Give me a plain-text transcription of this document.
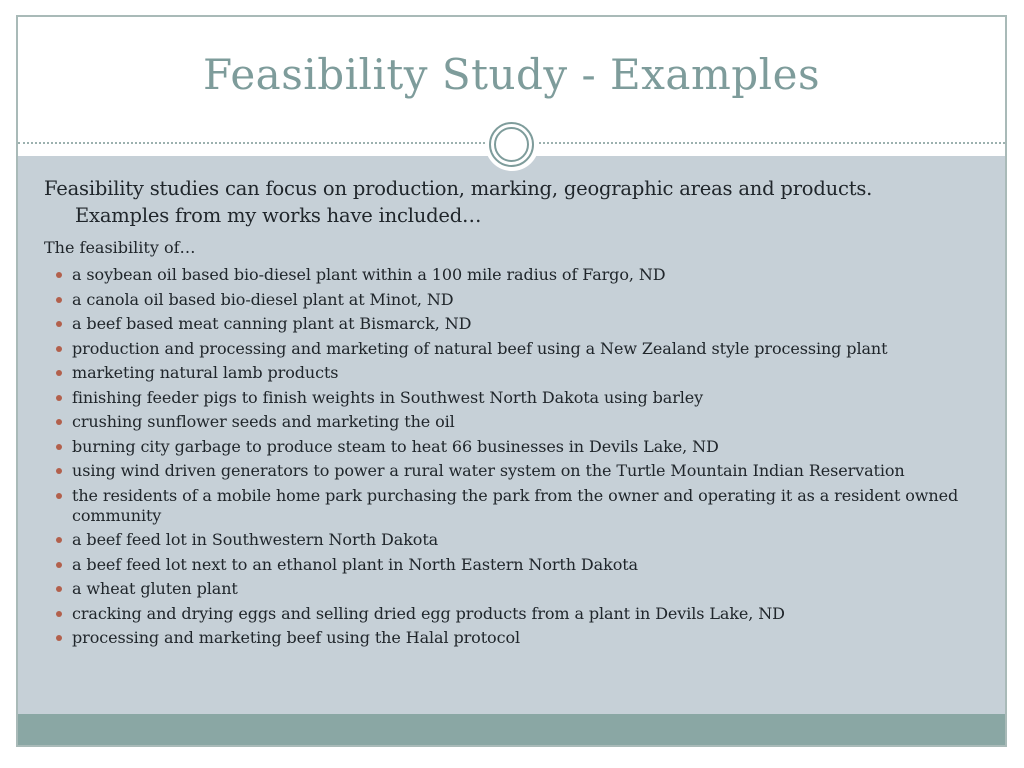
Feasibility Study - Examples

Feasibility studies can focus on production, marking, geographic areas and products.
Examples from my works have included…

The feasibility of…

a soybean oil based bio-diesel plant within a 100 mile radius of Fargo, ND
a canola oil based bio-diesel plant at Minot, ND
a beef based meat canning plant at Bismarck, ND
production and processing and marketing of natural beef using a New Zealand style processing plant
marketing natural lamb products
finishing feeder pigs to finish weights in Southwest North Dakota using barley
crushing sunflower seeds and marketing the oil
burning city garbage to produce steam to heat 66 businesses in Devils Lake, ND
using wind driven generators to power a rural water system on the Turtle Mountain Indian Reservation
the residents of a mobile home park purchasing the park from the owner and operating it as a resident owned community
a beef feed lot in Southwestern North Dakota
a beef feed lot next to an ethanol plant in North Eastern North Dakota
a wheat gluten plant
cracking and drying eggs and selling dried egg products from a plant in Devils Lake, ND
processing and marketing beef using the Halal protocol
